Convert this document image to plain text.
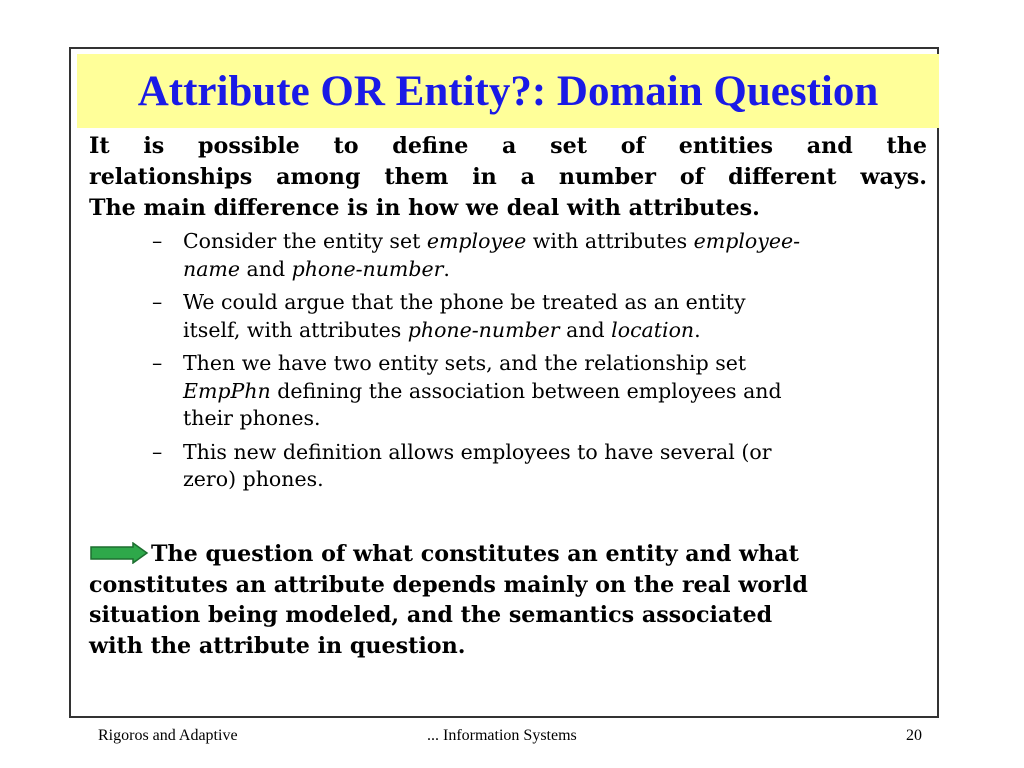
Attribute OR Entity?: Domain Question
It is possible to define a set of entities and the
relationships among them in a number of different ways.
The main difference is in how we deal with attributes.
– Consider the entity set employee with attributes employee-
name and phone-number.
– We could argue that the phone be treated as an entity
itself, with attributes phone-number and location.
– Then we have two entity sets, and the relationship set
EmpPhn defining the association between employees and
their phones.
– This new definition allows employees to have several (or
zero) phones.
The question of what constitutes an entity and what
constitutes an attribute depends mainly on the real world
situation being modeled, and the semantics associated
with the attribute in question.
Rigoros and Adaptive	... Information Systems	20
